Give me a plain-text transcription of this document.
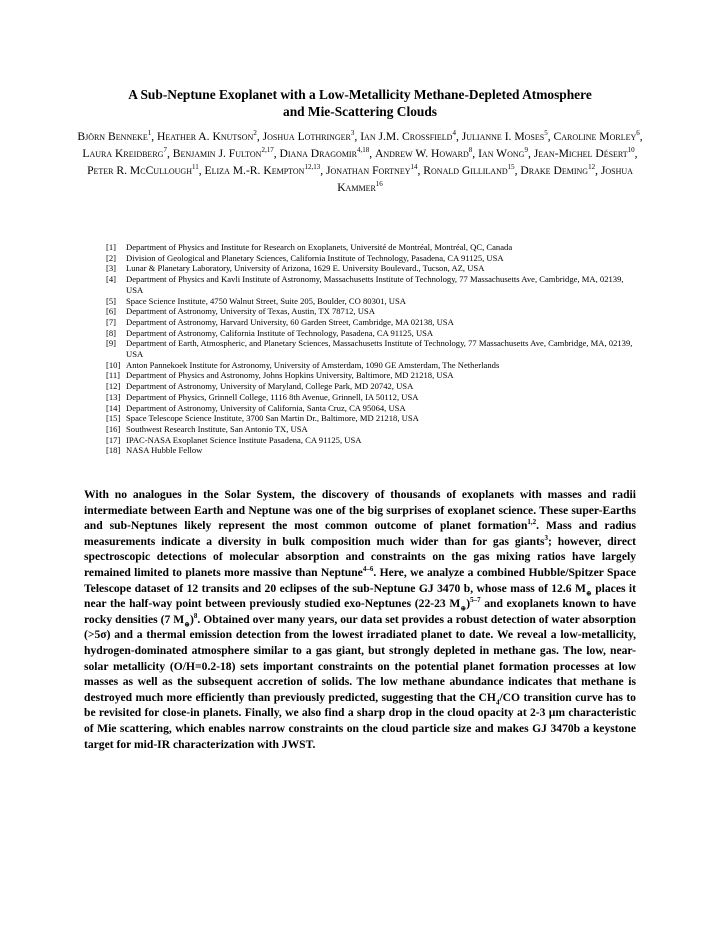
A Sub-Neptune Exoplanet with a Low-Metallicity Methane-Depleted Atmosphere
and Mie-Scattering Clouds
Björn Benneke$^1$, Heather A. Knutson$^2$, Joshua Lothringer$^3$, Ian J.M. Crossfield$^4$, Julianne I. Moses$^5$, Caroline Morley$^6$, Laura Kreidberg$^7$, Benjamin J. Fulton$^{2,17}$, Diana Dragomir$^{4,18}$, Andrew W. Howard$^8$, Ian Wong$^9$, Jean-Michel Désert$^{10}$, Peter R. McCullough$^{11}$, Eliza M.-R. Kempton$^{12,13}$, Jonathan Fortney$^{14}$, Ronald Gilliland$^{15}$, Drake Deming$^{12}$, Joshua Kammer$^{16}$
[1]	Department of Physics and Institute for Research on Exoplanets, Université de Montréal, Montréal, QC, Canada
[2]	Division of Geological and Planetary Sciences, California Institute of Technology, Pasadena, CA 91125, USA
[3]	Lunar & Planetary Laboratory, University of Arizona, 1629 E. University Boulevard., Tucson, AZ, USA
[4]	Department of Physics and Kavli Institute of Astronomy, Massachusetts Institute of Technology, 77 Massachusetts Ave, Cambridge, MA, 02139, USA
[5]	Space Science Institute, 4750 Walnut Street, Suite 205, Boulder, CO 80301, USA
[6]	Department of Astronomy, University of Texas, Austin, TX 78712, USA
[7]	Department of Astronomy, Harvard University, 60 Garden Street, Cambridge, MA 02138, USA
[8]	Department of Astronomy, California Institute of Technology, Pasadena, CA 91125, USA
[9]	Department of Earth, Atmospheric, and Planetary Sciences, Massachusetts Institute of Technology, 77 Massachusetts Ave, Cambridge, MA, 02139, USA
[10] Anton Pannekoek Institute for Astronomy, University of Amsterdam, 1090 GE Amsterdam, The Netherlands
[11] Department of Physics and Astronomy, Johns Hopkins University, Baltimore, MD 21218, USA
[12] Department of Astronomy, University of Maryland, College Park, MD 20742, USA
[13] Department of Physics, Grinnell College, 1116 8th Avenue, Grinnell, IA 50112, USA
[14] Department of Astronomy, University of California, Santa Cruz, CA 95064, USA
[15] Space Telescope Science Institute, 3700 San Martin Dr., Baltimore, MD 21218, USA
[16] Southwest Research Institute, San Antonio TX, USA
[17] IPAC-NASA Exoplanet Science Institute Pasadena, CA 91125, USA
[18] NASA Hubble Fellow

With no analogues in the Solar System, the discovery of thousands of exoplanets with masses and radii intermediate between Earth and Neptune was one of the big surprises of exoplanet science. These super-Earths and sub-Neptunes likely represent the most common outcome of planet formation$^{1,2}$. Mass and radius measurements indicate a diversity in bulk composition much wider than for gas giants$^3$; however, direct spectroscopic detections of molecular absorption and constraints on the gas mixing ratios have largely remained limited to planets more massive than Neptune$^{4-6}$. Here, we analyze a combined Hubble/Spitzer Space Telescope dataset of 12 transits and 20 eclipses of the sub-Neptune GJ 3470 b, whose mass of 12.6 $M_\oplus$ places it near the half-way point between previously studied exo-Neptunes (22-23 $M_\oplus)^{5-7}$ and exoplanets known to have rocky densities (7 $M_\oplus)^8$. Obtained over many years, our data set provides a robust detection of water absorption (>5σ) and a thermal emission detection from the lowest irradiated planet to date. We reveal a low-metallicity, hydrogen-dominated atmosphere similar to a gas giant, but strongly depleted in methane gas. The low, near-solar metallicity (O/H=0.2-18) sets important constraints on the potential planet formation processes at low masses as well as the subsequent accretion of solids. The low methane abundance indicates that methane is destroyed much more efficiently than previously predicted, suggesting that the $CH_4/CO$ transition curve has to be revisited for close-in planets. Finally, we also find a sharp drop in the cloud opacity at 2-3 µm characteristic of Mie scattering, which enables narrow constraints on the cloud particle size and makes GJ 3470b a keystone target for mid-IR characterization with JWST.
